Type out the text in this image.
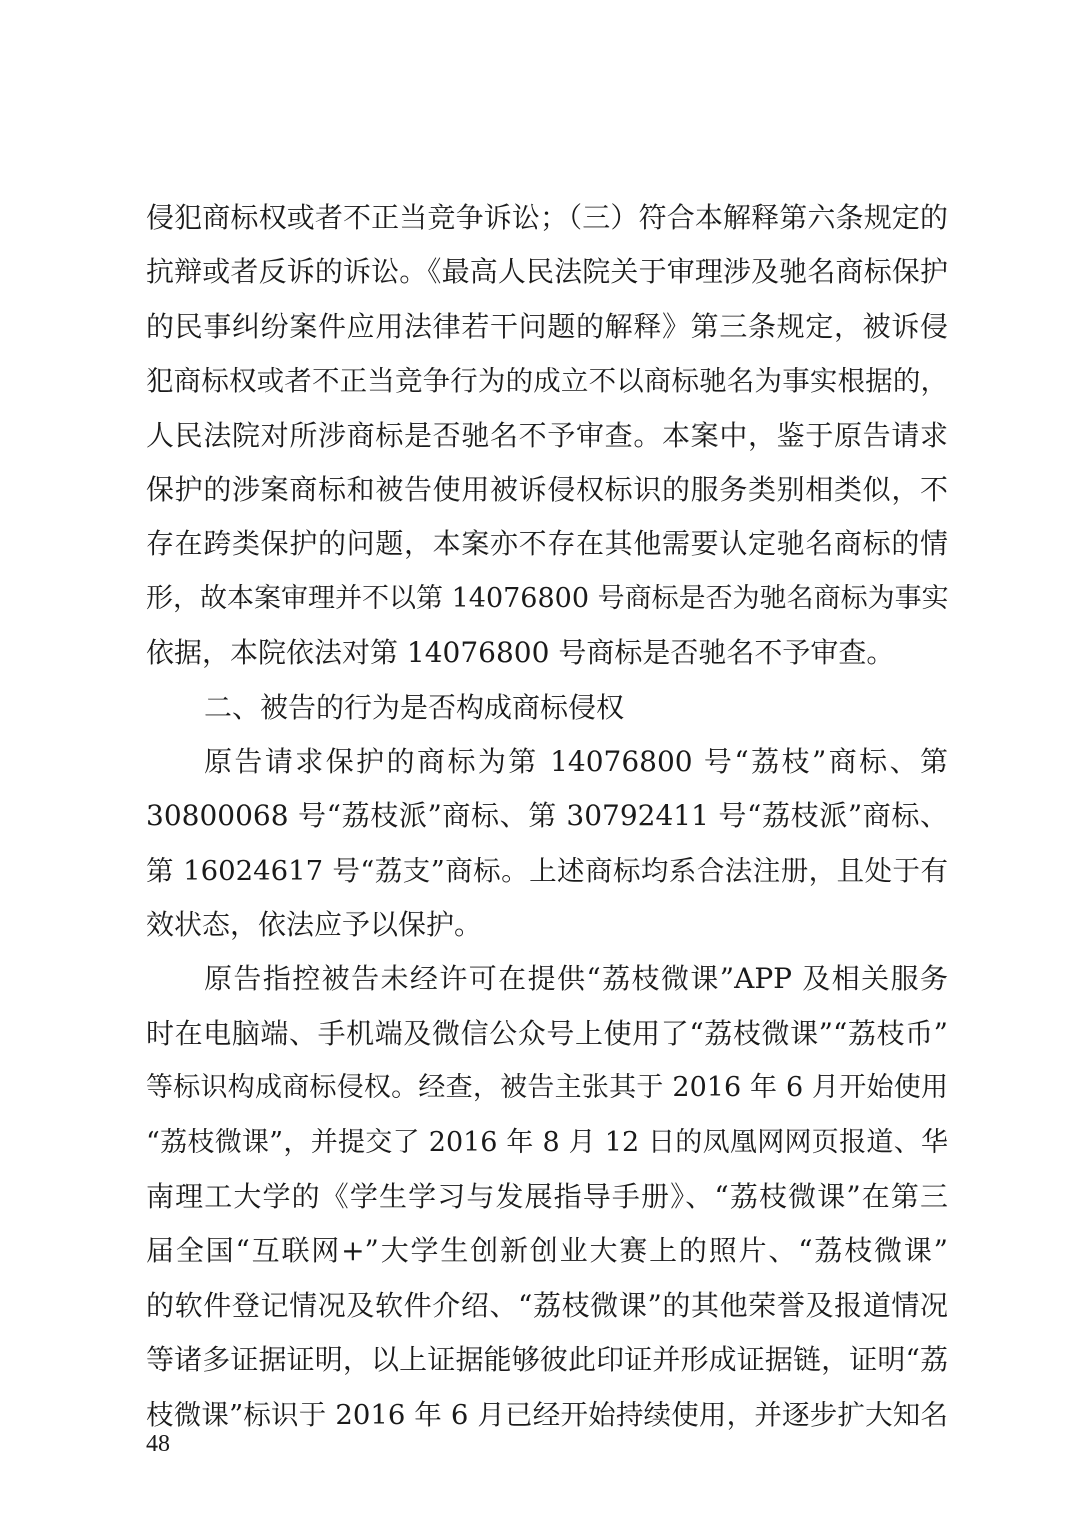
侵犯商标权或者不正当竞争诉讼；（三）符合本解释第六条规定的
抗辩或者反诉的诉讼。《最高人民法院关于审理涉及驰名商标保护
的民事纠纷案件应用法律若干问题的解释》第三条规定，被诉侵
犯商标权或者不正当竞争行为的成立不以商标驰名为事实根据的，
人民法院对所涉商标是否驰名不予审查。本案中，鉴于原告请求
保护的涉案商标和被告使用被诉侵权标识的服务类别相类似，不
存在跨类保护的问题，本案亦不存在其他需要认定驰名商标的情
形，故本案审理并不以第 14076800 号商标是否为驰名商标为事实
依据，本院依法对第 14076800 号商标是否驰名不予审查。
二、被告的行为是否构成商标侵权
原告请求保护的商标为第 14076800 号“荔枝”商标、第
30800068 号“荔枝派”商标、第 30792411 号“荔枝派”商标、
第 16024617 号“荔支”商标。上述商标均系合法注册，且处于有
效状态，依法应予以保护。
原告指控被告未经许可在提供“荔枝微课”APP 及相关服务
时在电脑端、手机端及微信公众号上使用了“荔枝微课”“荔枝币”
等标识构成商标侵权。经查，被告主张其于 2016 年 6 月开始使用
“荔枝微课”，并提交了 2016 年 8 月 12 日的凤凰网网页报道、华
南理工大学的《学生学习与发展指导手册》、“荔枝微课”在第三
届全国“互联网+”大学生创新创业大赛上的照片、“荔枝微课”
的软件登记情况及软件介绍、“荔枝微课”的其他荣誉及报道情况
等诸多证据证明，以上证据能够彼此印证并形成证据链，证明“荔
枝微课”标识于 2016 年 6 月已经开始持续使用，并逐步扩大知名
48
